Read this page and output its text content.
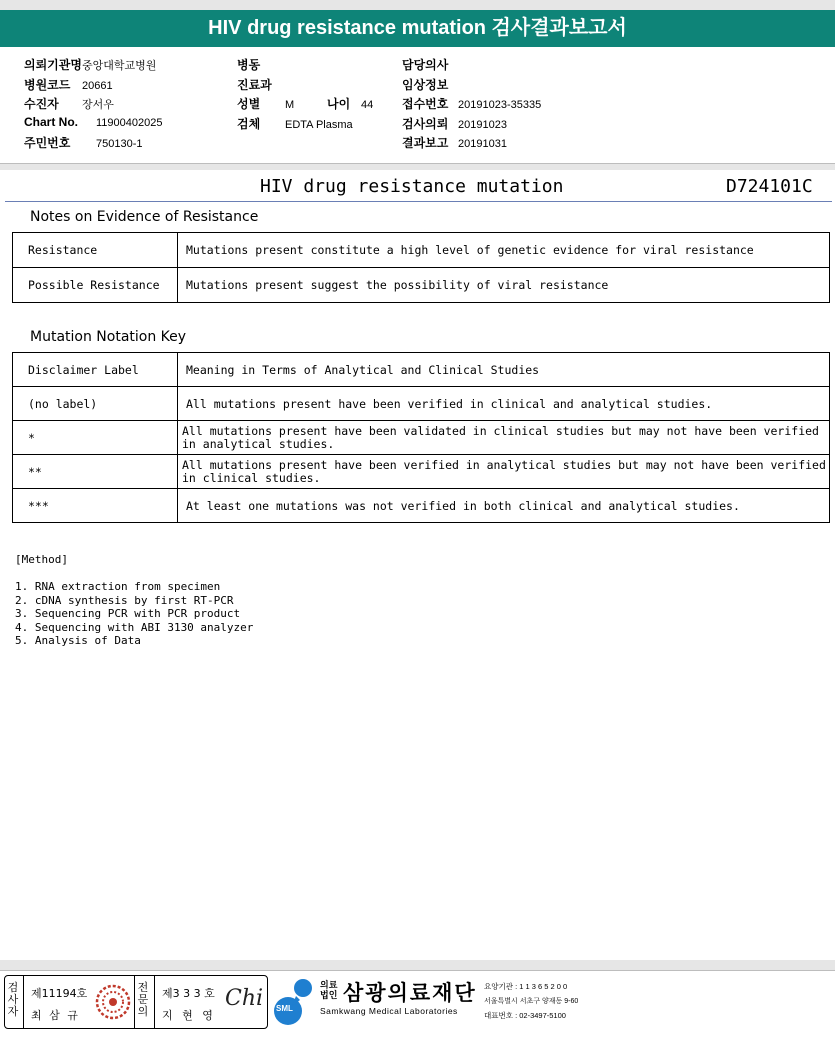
HIV drug resistance mutation 검사결과보고서
의뢰기관명중앙대학교병원
병원코드 20661
수진자 장서우
Chart No. 11900402025
주민번호 750130-1
병동
진료과
성별 M	나이 44
검체 EDTA Plasma
담당의사
임상정보
접수번호 20191023-35335
검사의뢰 20191023
결과보고 20191031
HIV drug resistance mutation	D724101C
Notes on Evidence of Resistance
Resistance	Mutations present constitute a high level of genetic evidence for viral resistance
Possible Resistance	Mutations present suggest the possibility of viral resistance
Mutation Notation Key
Disclaimer Label	Meaning in Terms of Analytical and Clinical Studies
(no label)	All mutations present have been verified in clinical and analytical studies.
*	All mutations present have been validated in clinical studies but may not have been verified in analytical studies.
**	All mutations present have been verified in analytical studies but may not have been verified in clinical studies.
***	At least one mutations was not verified in both clinical and analytical studies.
[Method]
1. RNA extraction from specimen
2. cDNA synthesis by first RT-PCR
3. Sequencing PCR with PCR product
4. Sequencing with ABI 3130 analyzer
5. Analysis of Data
검
사
자
제11194호
최 삼 규
전
문
의
제3 3 3 호
지 현 영
Chi SML
의료
법인 삼광의료재단
Samkwang Medical Laboratories
요양기관 : 1 1 3 6 5 2 0 0
서울특별시 서초구 양재동 9-60
대표번호 : 02-3497-5100
